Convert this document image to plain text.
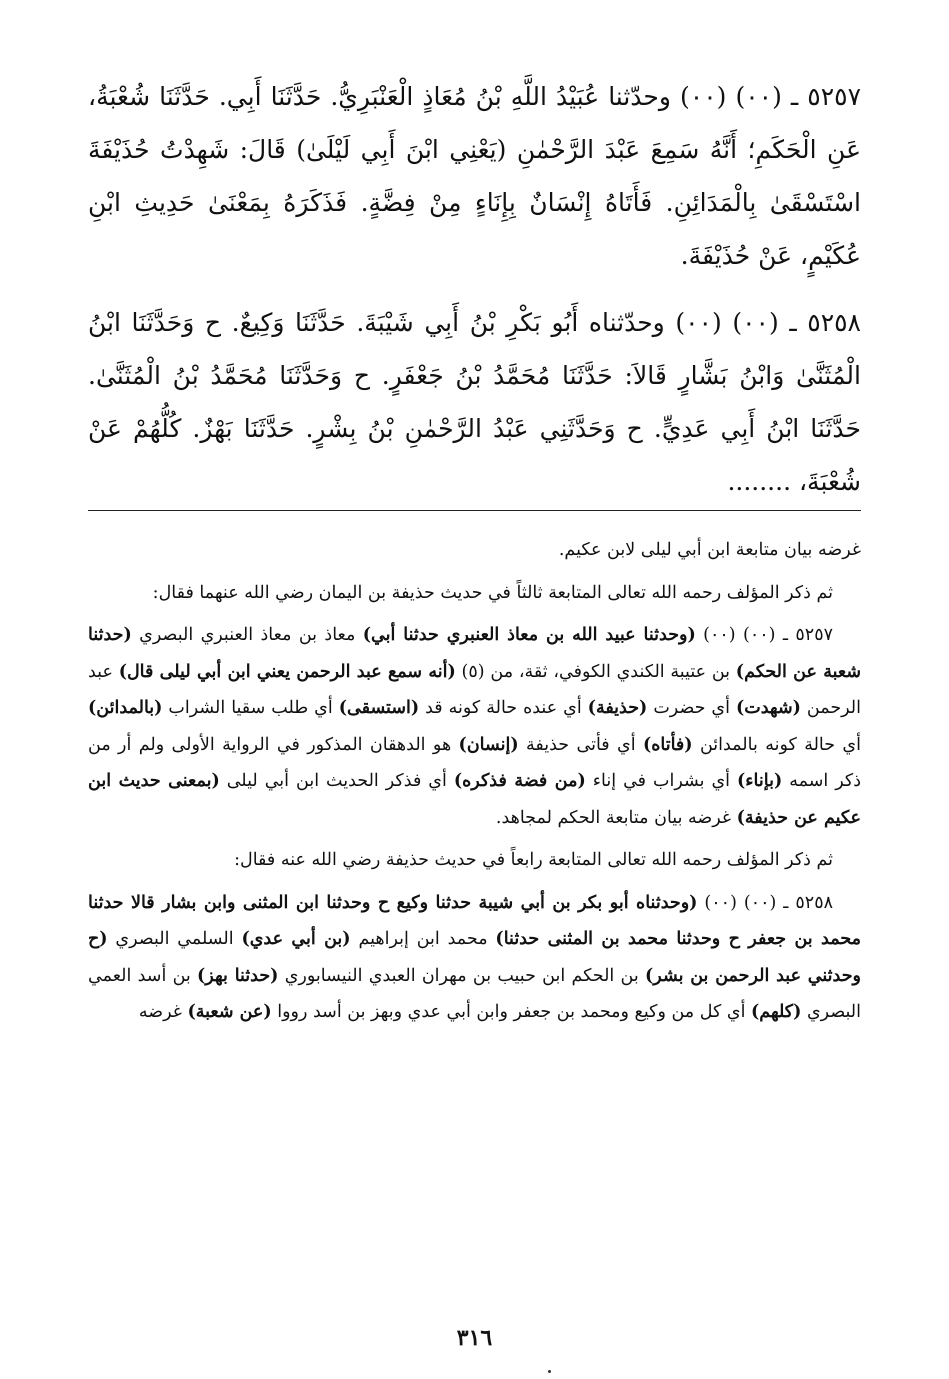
٥٢٥٧ ـ (٠٠) (٠٠) وحدّثنا عُبَيْدُ اللَّهِ بْنُ مُعَاذٍ الْعَنْبَرِيُّ. حَدَّثَنَا أَبِي. حَدَّثَنَا شُعْبَةُ، عَنِ الْحَكَمِ؛ أَنَّهُ سَمِعَ عَبْدَ الرَّحْمٰنِ (يَعْنِي ابْنَ أَبِي لَيْلَىٰ) قَالَ: شَهِدْتُ حُذَيْفَةَ اسْتَسْقَىٰ بِالْمَدَائِنِ. فَأَتَاهُ إِنْسَانٌ بِإِنَاءٍ مِنْ فِضَّةٍ. فَذَكَرَهُ بِمَعْنَىٰ حَدِيثِ ابْنِ عُكَيْمٍ، عَنْ حُذَيْفَةَ.

٥٢٥٨ ـ (٠٠) (٠٠) وحدّثناه أَبُو بَكْرِ بْنُ أَبِي شَيْبَةَ. حَدَّثَنَا وَكِيعٌ. ح وَحَدَّثَنَا ابْنُ الْمُثَنَّىٰ وَابْنُ بَشَّارٍ قَالاَ: حَدَّثَنَا مُحَمَّدُ بْنُ جَعْفَرٍ. ح وَحَدَّثَنَا مُحَمَّدُ بْنُ الْمُثَنَّىٰ. حَدَّثَنَا ابْنُ أَبِي عَدِيٍّ. ح وَحَدَّثَنِي عَبْدُ الرَّحْمٰنِ بْنُ بِشْرٍ. حَدَّثَنَا بَهْزٌ. كُلُّهُمْ عَنْ شُعْبَةَ، ........

غرضه بيان متابعة ابن أبي ليلى لابن عكيم.

ثم ذكر المؤلف رحمه الله تعالى المتابعة ثالثاً في حديث حذيفة بن اليمان رضي الله عنهما فقال:

٥٢٥٧ ـ (٠٠) (٠٠) (وحدثنا عبيد الله بن معاذ العنبري حدثنا أبي) معاذ بن معاذ العنبري البصري (حدثنا شعبة عن الحكم) بن عتيبة الكندي الكوفي، ثقة، من (٥) (أنه سمع عبد الرحمن يعني ابن أبي ليلى قال) عبد الرحمن (شهدت) أي حضرت (حذيفة) أي عنده حالة كونه قد (استسقى) أي طلب سقيا الشراب (بالمدائن) أي حالة كونه بالمدائن (فأتاه) أي فأتى حذيفة (إنسان) هو الدهقان المذكور في الرواية الأولى ولم أر من ذكر اسمه (بإناء) أي بشراب في إناء (من فضة فذكره) أي فذكر الحديث ابن أبي ليلى (بمعنى حديث ابن عكيم عن حذيفة) غرضه بيان متابعة الحكم لمجاهد.

ثم ذكر المؤلف رحمه الله تعالى المتابعة رابعاً في حديث حذيفة رضي الله عنه فقال:

٥٢٥٨ ـ (٠٠) (٠٠) (وحدثناه أبو بكر بن أبي شيبة حدثنا وكيع ح وحدثنا ابن المثنى وابن بشار قالا حدثنا محمد بن جعفر ح وحدثنا محمد بن المثنى حدثنا) محمد ابن إبراهيم (بن أبي عدي) السلمي البصري (ح وحدثني عبد الرحمن بن بشر) بن الحكم ابن حبيب بن مهران العبدي النيسابوري (حدثنا بهز) بن أسد العمي البصري (كلهم) أي كل من وكيع ومحمد بن جعفر وابن أبي عدي وبهز بن أسد رووا (عن شعبة) غرضه

٣١٦
